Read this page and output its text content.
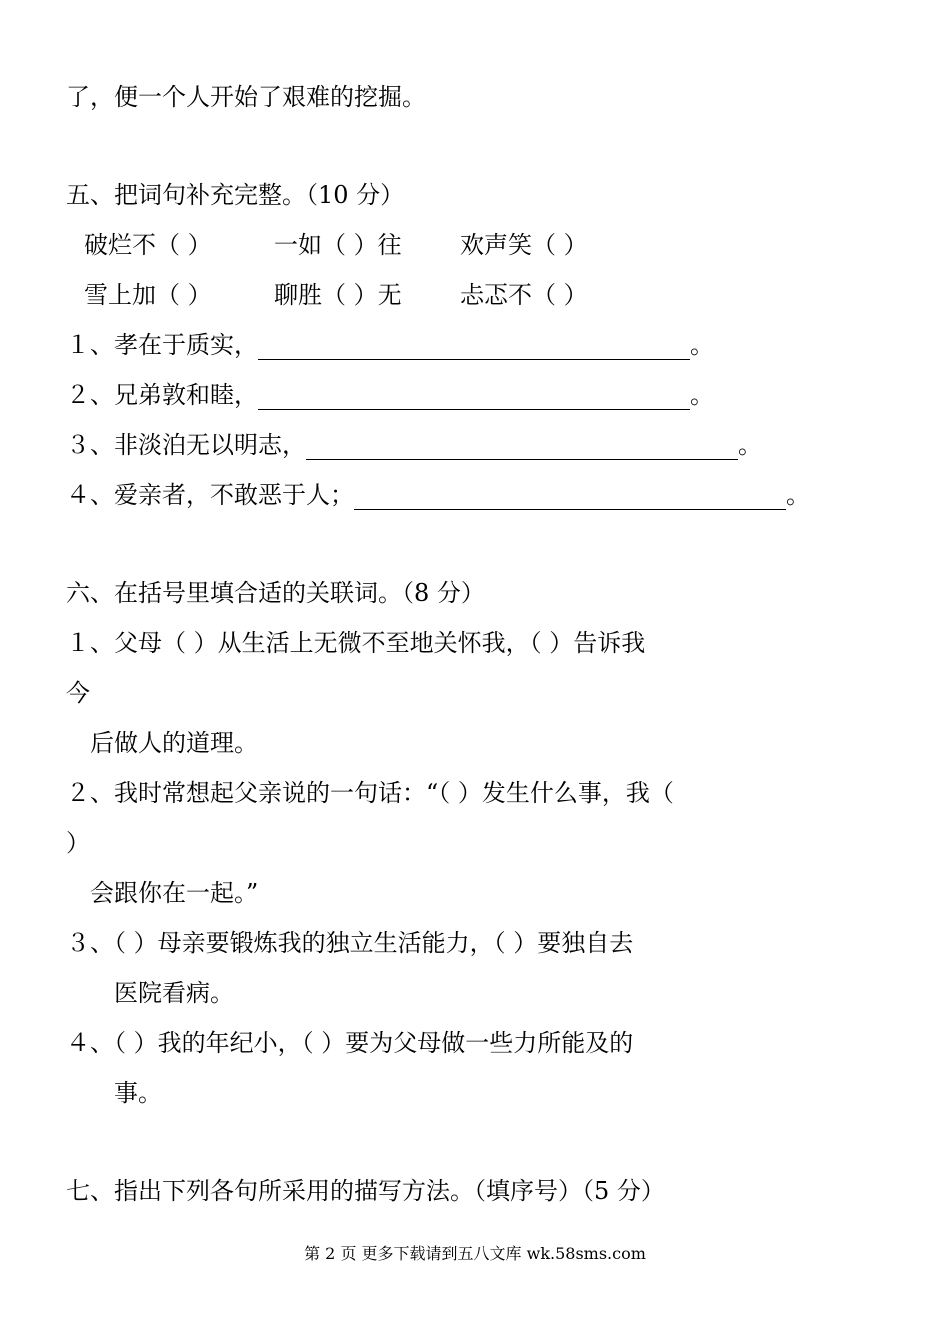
了，便一个人开始了艰难的挖掘。
五、把词句补充完整。（10 分）
破烂不（ ）	一如（ ）往 欢声笑（ ）
雪上加（ ）	聊胜（ ）无 忐忑不（ ）
１、孝在于质实，	。
２、兄弟敦和睦，	。
３、非淡泊无以明志，	。
４、爱亲者，不敢恶于人；	。
六、在括号里填合适的关联词。（8 分）
１、父母（ ）从生活上无微不至地关怀我，（ ）告诉我
今
后做人的道理。
２、我时常想起父亲说的一句话：“（ ）发生什么事，我（
）
会跟你在一起。”
３、（ ）母亲要锻炼我的独立生活能力，（ ）要独自去
医院看病。
４、（ ）我的年纪小，（ ）要为父母做一些力所能及的
事。
七、指出下列各句所采用的描写方法。（填序号）（5 分）
第 2 页 更多下载请到五八文库 wk.58sms.com
